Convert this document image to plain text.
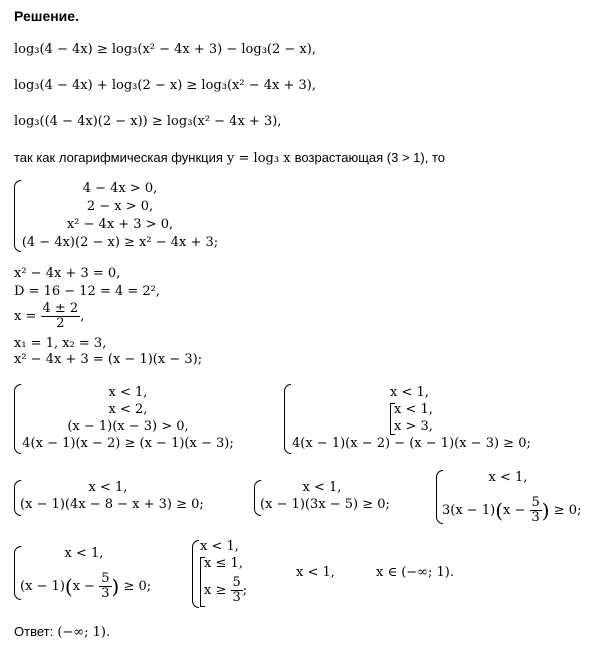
Решение.
log₃(4 − 4x) ≥ log₃(x² − 4x + 3) − log₃(2 − x),
log₃(4 − 4x) + log₃(2 − x) ≥ log₃(x² − 4x + 3),
log₃((4 − 4x)(2 − x)) ≥ log₃(x² − 4x + 3),
так как логарифмическая функция y = log₃ x возрастающая (3 > 1), то
4 − 4x > 0,
2 − x > 0,
x² − 4x + 3 > 0,
(4 − 4x)(2 − x) ≥ x² − 4x + 3;
x² − 4x + 3 = 0,
D = 16 − 12 = 4 = 2²,
$x = \frac{4 \pm 2}{2}$ ,
x₁ = 1, x₂ = 3,
x² − 4x + 3 = (x − 1)(x − 3);
x < 1,
x < 2,
(x − 1)(x − 3) > 0,
4(x − 1)(x − 2) ≥ (x − 1)(x − 3);
x < 1,
x < 1,
x > 3,
4(x − 1)(x − 2) − (x − 1)(x − 3) ≥ 0;
x < 1,
(x − 1)(4x − 8 − x + 3) ≥ 0;
x < 1,
(x − 1)(3x − 5) ≥ 0;
x < 1,
$3(x - 1)(x - \frac{5}{3}$ ) ≥ 0;
x < 1,
$(x - 1)(x - \frac{5}{3}$ ) ≥ 0;
x < 1,
x ≤ 1,
$x \ge \frac{5}{3}$ ;
x < 1,	x ∈ (−∞; 1).
Ответ: (−∞; 1).
